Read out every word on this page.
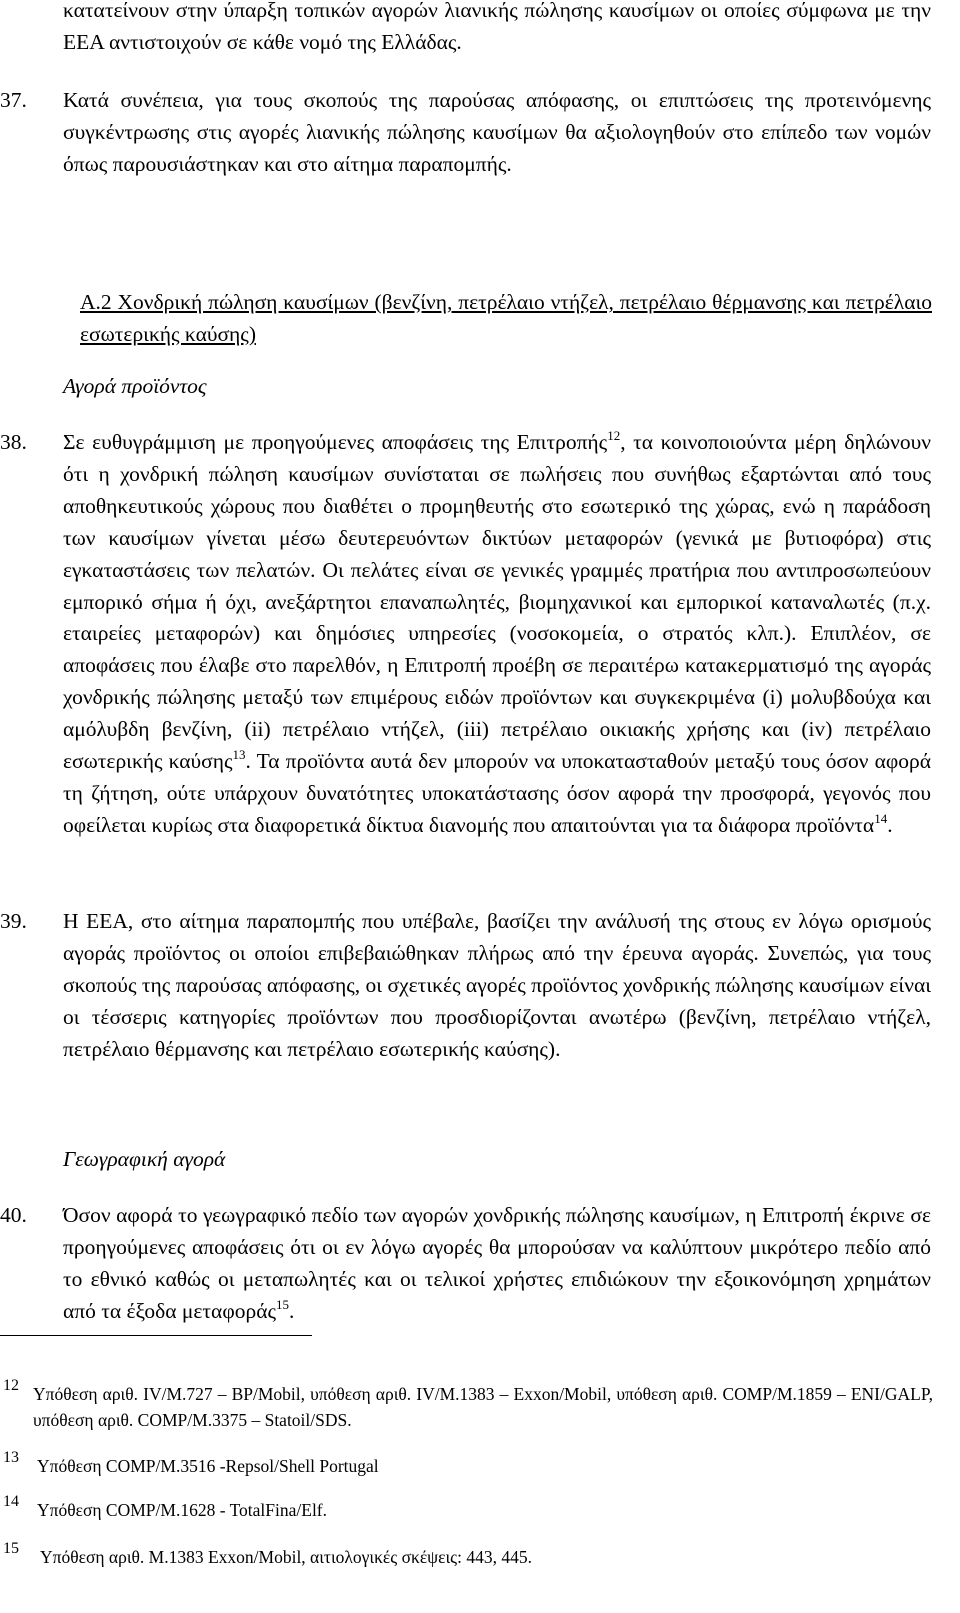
κατατείνουν στην ύπαρξη τοπικών αγορών λιανικής πώλησης καυσίμων οι οποίες σύμφωνα με την ΕΕΑ αντιστοιχούν σε κάθε νομό της Ελλάδας.
37.	Κατά συνέπεια, για τους σκοπούς της παρούσας απόφασης, οι επιπτώσεις της προτεινόμενης συγκέντρωσης στις αγορές λιανικής πώλησης καυσίμων θα αξιολογηθούν στο επίπεδο των νομών όπως παρουσιάστηκαν και στο αίτημα παραπομπής.
A.2 Χονδρική πώληση καυσίμων (βενζίνη, πετρέλαιο ντήζελ, πετρέλαιο θέρμανσης και πετρέλαιο εσωτερικής καύσης)
Αγορά προϊόντος
38.	Σε ευθυγράμμιση με προηγούμενες αποφάσεις της Επιτροπής$^{12}$, τα κοινοποιούντα μέρη δηλώνουν ότι η χονδρική πώληση καυσίμων συνίσταται σε πωλήσεις που συνήθως εξαρτώνται από τους αποθηκευτικούς χώρους που διαθέτει ο προμηθευτής στο εσωτερικό της χώρας, ενώ η παράδοση των καυσίμων γίνεται μέσω δευτερευόντων δικτύων μεταφορών (γενικά με βυτιοφόρα) στις εγκαταστάσεις των πελατών. Οι πελάτες είναι σε γενικές γραμμές πρατήρια που αντιπροσωπεύουν εμπορικό σήμα ή όχι, ανεξάρτητοι επαναπωλητές, βιομηχανικοί και εμπορικοί καταναλωτές (π.χ. εταιρείες μεταφορών) και δημόσιες υπηρεσίες (νοσοκομεία, ο στρατός κλπ.). Επιπλέον, σε αποφάσεις που έλαβε στο παρελθόν, η Επιτροπή προέβη σε περαιτέρω κατακερματισμό της αγοράς χονδρικής πώλησης μεταξύ των επιμέρους ειδών προϊόντων και συγκεκριμένα (i) μολυβδούχα και αμόλυβδη βενζίνη, (ii) πετρέλαιο ντήζελ, (iii) πετρέλαιο οικιακής χρήσης και (iv) πετρέλαιο εσωτερικής καύσης$^{13}$. Τα προϊόντα αυτά δεν μπορούν να υποκατασταθούν μεταξύ τους όσον αφορά τη ζήτηση, ούτε υπάρχουν δυνατότητες υποκατάστασης όσον αφορά την προσφορά, γεγονός που οφείλεται κυρίως στα διαφορετικά δίκτυα διανομής που απαιτούνται για τα διάφορα προϊόντα$^{14}$.
39.	Η ΕΕΑ, στο αίτημα παραπομπής που υπέβαλε, βασίζει την ανάλυσή της στους εν λόγω ορισμούς αγοράς προϊόντος οι οποίοι επιβεβαιώθηκαν πλήρως από την έρευνα αγοράς. Συνεπώς, για τους σκοπούς της παρούσας απόφασης, οι σχετικές αγορές προϊόντος χονδρικής πώλησης καυσίμων είναι οι τέσσερις κατηγορίες προϊόντων που προσδιορίζονται ανωτέρω (βενζίνη, πετρέλαιο ντήζελ, πετρέλαιο θέρμανσης και πετρέλαιο εσωτερικής καύσης).
Γεωγραφική αγορά
40.	Όσον αφορά το γεωγραφικό πεδίο των αγορών χονδρικής πώλησης καυσίμων, η Επιτροπή έκρινε σε προηγούμενες αποφάσεις ότι οι εν λόγω αγορές θα μπορούσαν να καλύπτουν μικρότερο πεδίο από το εθνικό καθώς οι μεταπωλητές και οι τελικοί χρήστες επιδιώκουν την εξοικονόμηση χρημάτων από τα έξοδα μεταφοράς$^{15}$.
12 Υπόθεση αριθ. IV/M.727 – BP/Mobil, υπόθεση αριθ. IV/M.1383 – Exxon/Mobil, υπόθεση αριθ. COMP/M.1859 – ENI/GALP, υπόθεση αριθ. COMP/M.3375 – Statoil/SDS.
13 Υπόθεση COMP/M.3516 -Repsol/Shell Portugal
14 Υπόθεση COMP/M.1628 - TotalFina/Elf.
15 Υπόθεση αριθ. M.1383 Exxon/Mobil, αιτιολογικές σκέψεις: 443, 445.
